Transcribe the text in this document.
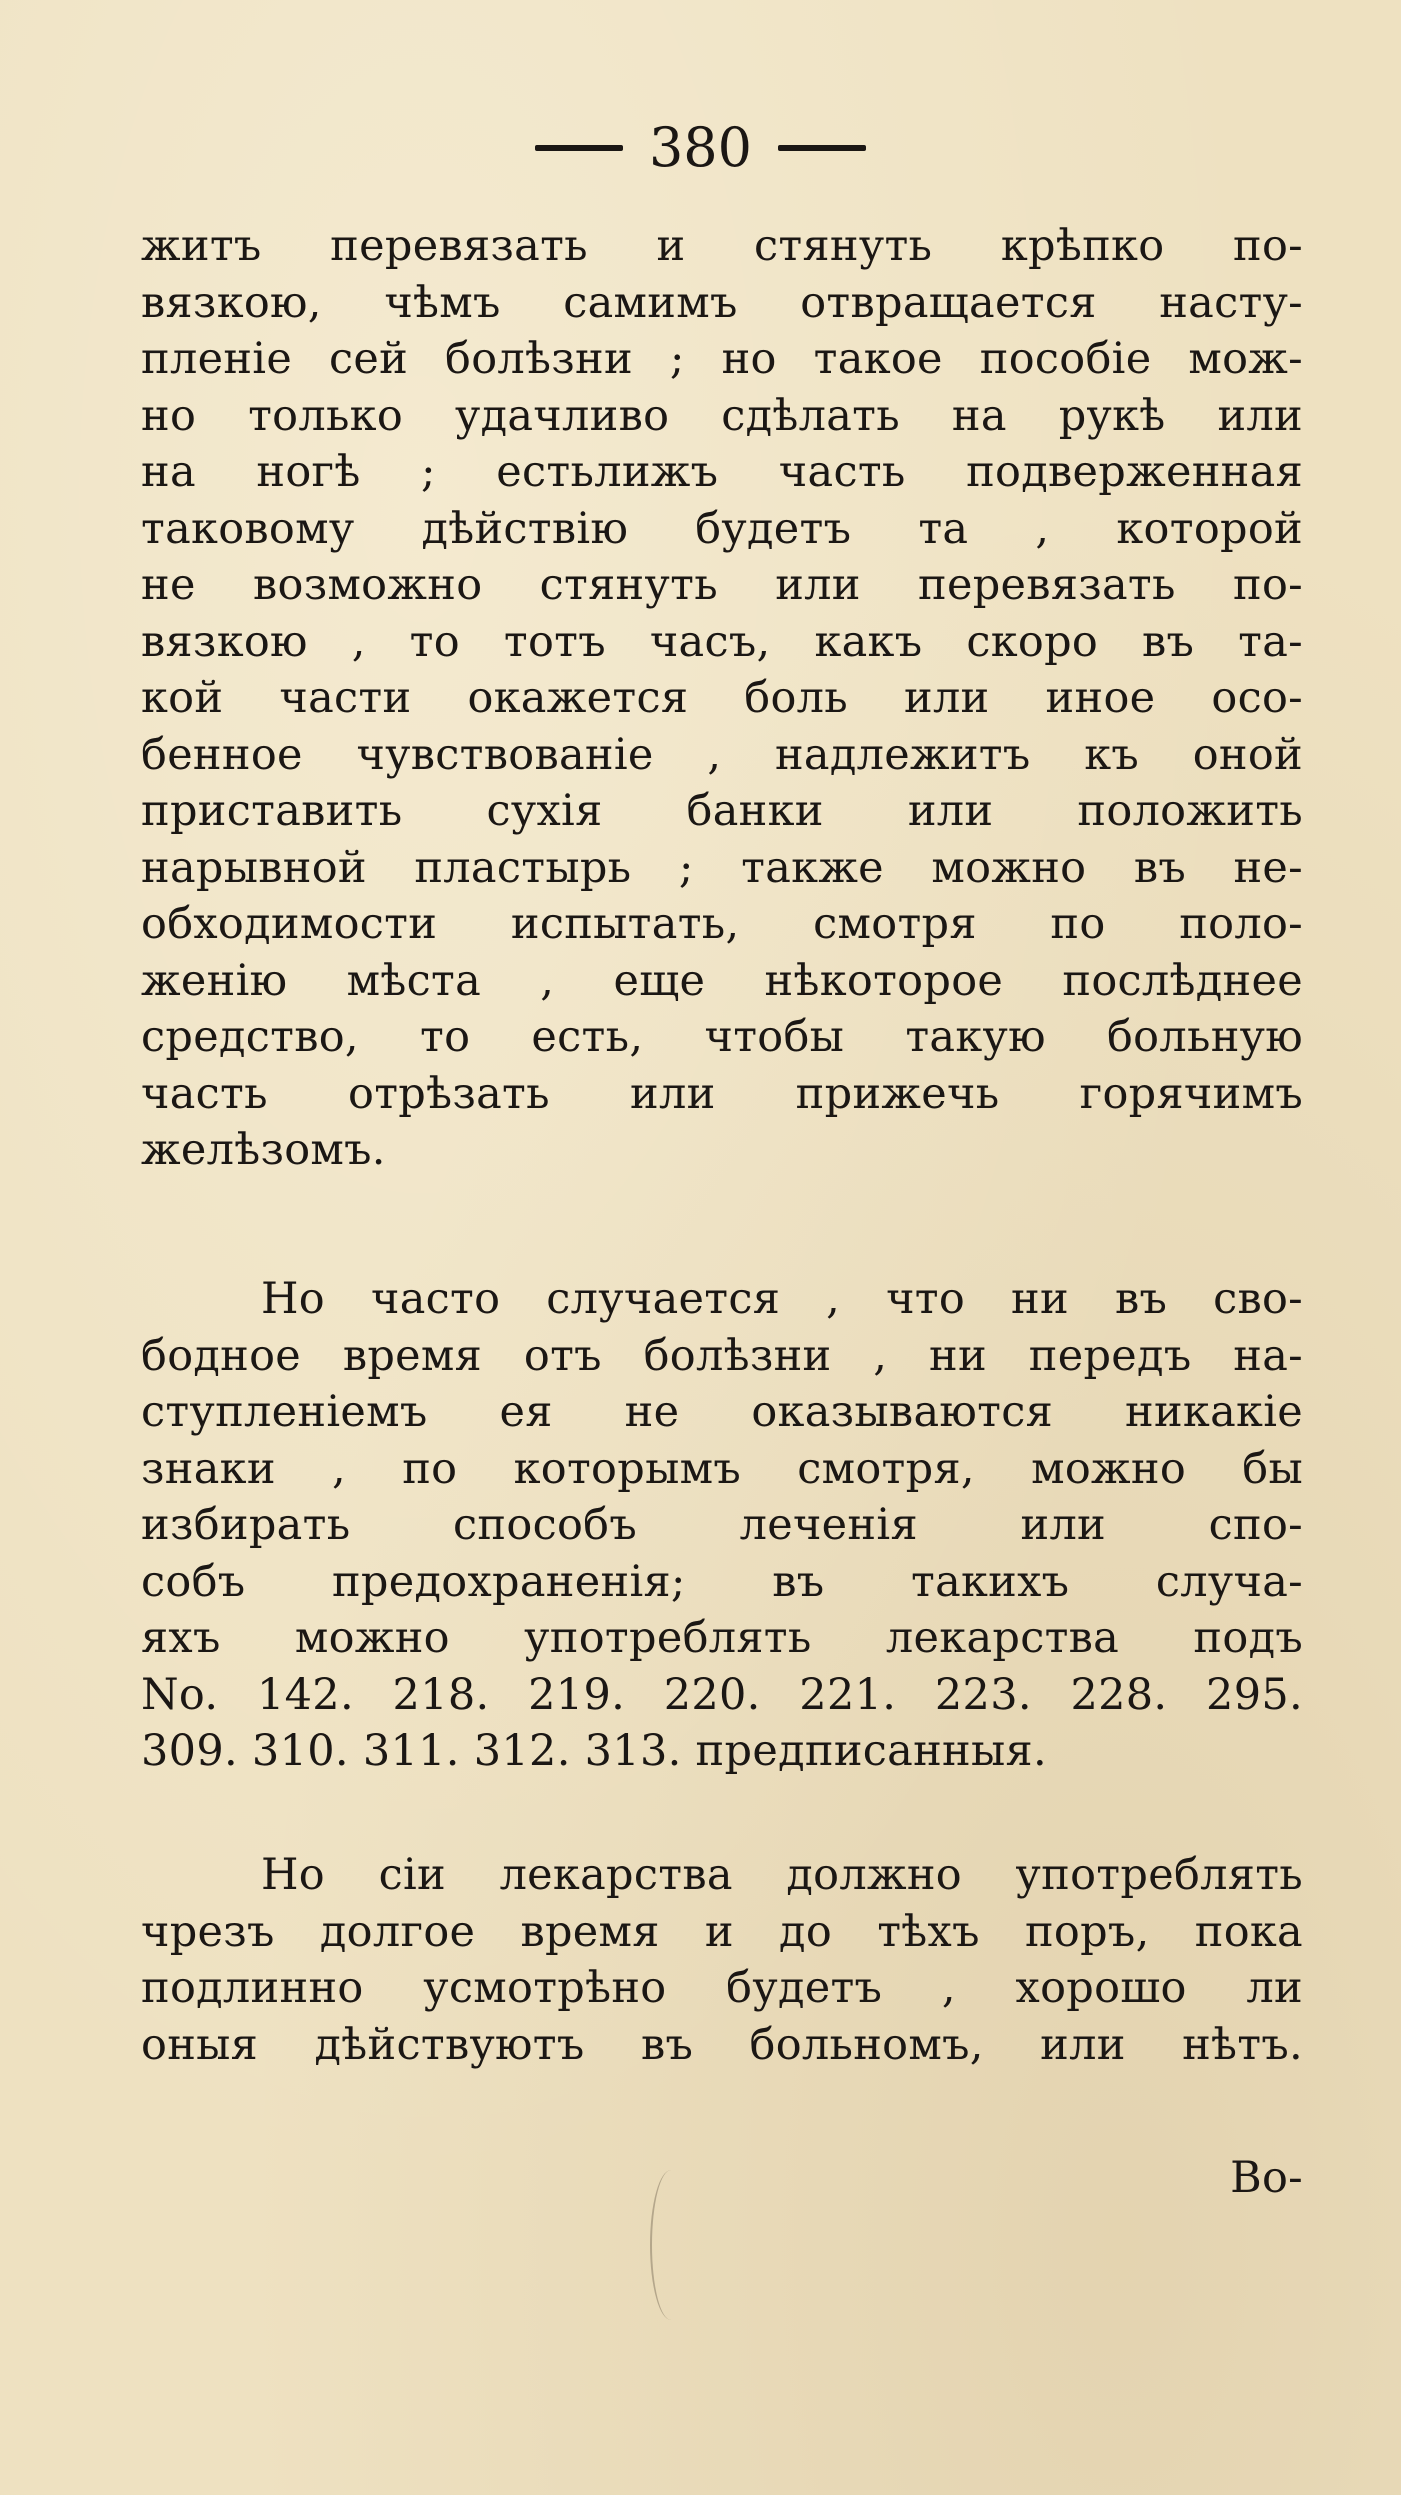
380
житъ перевязать и стянуть крѣпко по-
вязкою, чѣмъ самимъ отвращается насту-
пленіе сей болѣзни ; но такое пособіе мож-
но только удачливо сдѣлать на рукѣ или
на ногѣ ; естьлижъ часть подверженная
таковому дѣйствію будетъ та , которой
не возможно стянуть или перевязать по-
вязкою , то тотъ часъ, какъ скоро въ та-
кой части окажется боль или иное осо-
бенное чувствованіе , надлежитъ къ оной
приставить сухія банки или положить
нарывной пластырь ; также можно въ не-
обходимости испытать, смотря по поло-
женію мѣста , еще нѣкоторое послѣднее
средство, то есть, чтобы такую больную
часть отрѣзать или прижечь горячимъ
желѣзомъ.
Но часто случается , что ни въ сво-
бодное время отъ болѣзни , ни передъ на-
ступленіемъ ея не оказываются никакіе
знаки , по которымъ смотря, можно бы
избирать способъ леченія или спо-
собъ предохраненія; въ такихъ случа-
яхъ можно употреблять лекарства подъ
No. 142. 218. 219. 220. 221. 223. 228. 295.
309. 310. 311. 312. 313. предписанныя.
Но сіи лекарства должно употреблять
чрезъ долгое время и до тѣхъ поръ, пока
подлинно усмотрѣно будетъ , хорошо ли
оныя дѣйствуютъ въ больномъ, или нѣтъ.
Во-
